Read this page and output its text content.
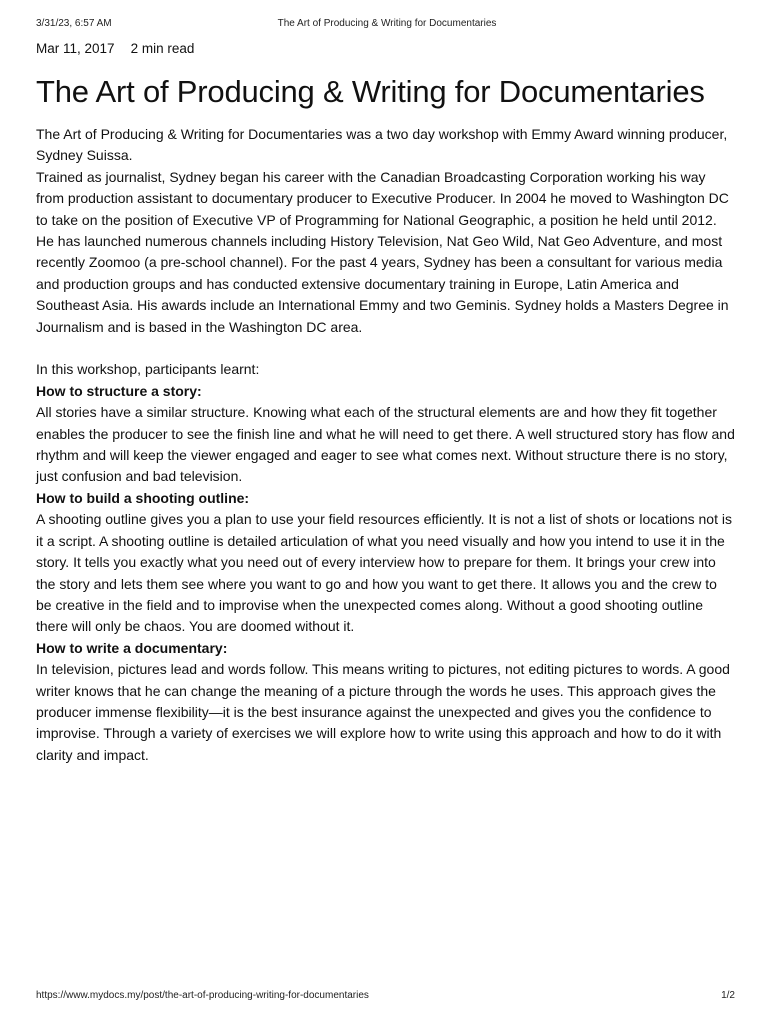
3/31/23, 6:57 AM	The Art of Producing & Writing for Documentaries
Mar 11, 2017 2 min read
The Art of Producing & Writing for Documentaries

The Art of Producing & Writing for Documentaries was a two day workshop with Emmy Award winning producer, Sydney Suissa.

Trained as journalist, Sydney began his career with the Canadian Broadcasting Corporation working his way from production assistant to documentary producer to Executive Producer. In 2004 he moved to Washington DC to take on the position of Executive VP of Programming for National Geographic, a position he held until 2012. He has launched numerous channels including History Television, Nat Geo Wild, Nat Geo Adventure, and most recently Zoomoo (a pre-school channel). For the past 4 years, Sydney has been a consultant for various media and production groups and has conducted extensive documentary training in Europe, Latin America and Southeast Asia. His awards include an International Emmy and two Geminis. Sydney holds a Masters Degree in Journalism and is based in the Washington DC area.

In this workshop, participants learnt:

How to structure a story:

All stories have a similar structure. Knowing what each of the structural elements are and how they fit together enables the producer to see the finish line and what he will need to get there. A well structured story has flow and rhythm and will keep the viewer engaged and eager to see what comes next. Without structure there is no story, just confusion and bad television.

How to build a shooting outline:

A shooting outline gives you a plan to use your field resources efficiently. It is not a list of shots or locations not is it a script. A shooting outline is detailed articulation of what you need visually and how you intend to use it in the story. It tells you exactly what you need out of every interview how to prepare for them. It brings your crew into the story and lets them see where you want to go and how you want to get there. It allows you and the crew to be creative in the field and to improvise when the unexpected comes along. Without a good shooting outline there will only be chaos. You are doomed without it.

How to write a documentary:

In television, pictures lead and words follow. This means writing to pictures, not editing pictures to words. A good writer knows that he can change the meaning of a picture through the words he uses. This approach gives the producer immense flexibility—it is the best insurance against the unexpected and gives you the confidence to improvise. Through a variety of exercises we will explore how to write using this approach and how to do it with clarity and impact.

https://www.mydocs.my/post/the-art-of-producing-writing-for-documentaries	1/2
